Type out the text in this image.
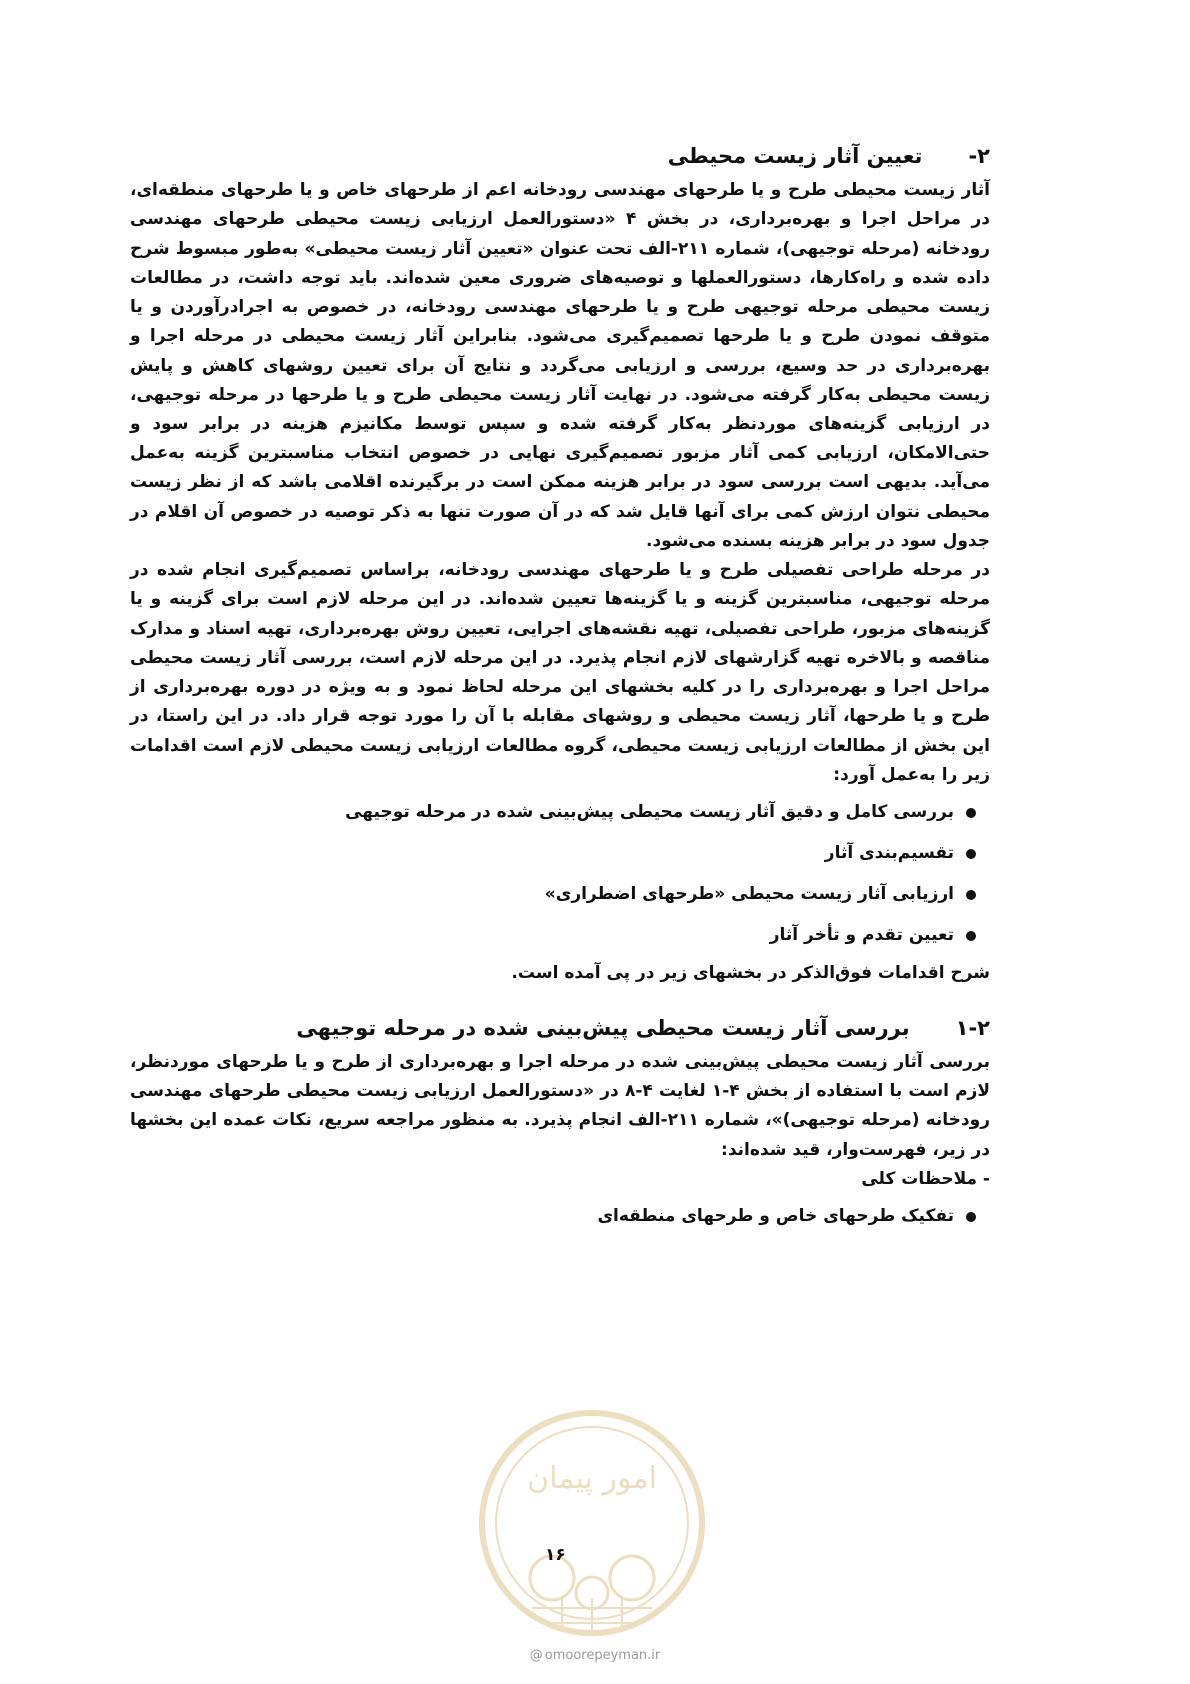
۲-
تعیین آثار زیست محیطی

آثار زیست محیطی طرح و یا طرحهای مهندسی رودخانه اعم از طرحهای خاص و یا طرحهای منطقه‌ای، در مراحل اجرا و بهره‌برداری، در بخش ۴ «دستورالعمل ارزیابی زیست محیطی طرحهای مهندسی رودخانه (مرحله توجیهی)، شماره ۲۱۱-الف تحت عنوان «تعیین آثار زیست محیطی» به‌طور مبسوط شرح داده شده و راه‌کارها، دستورالعملها و توصیه‌های ضروری معین شده‌اند. باید توجه داشت، در مطالعات زیست محیطی مرحله توجیهی طرح و یا طرحهای مهندسی رودخانه، در خصوص به اجرادرآوردن و یا متوقف نمودن طرح و یا طرحها تصمیم‌گیری می‌شود. بنابراین آثار زیست محیطی در مرحله اجرا و بهره‌برداری در حد وسیع، بررسی و ارزیابی می‌گردد و نتایج آن برای تعیین روشهای کاهش و پایش زیست محیطی به‌کار گرفته می‌شود. در نهایت آثار زیست محیطی طرح و یا طرحها در مرحله توجیهی، در ارزیابی گزینه‌های موردنظر به‌کار گرفته شده و سپس توسط مکانیزم هزینه در برابر سود و حتی‌الامکان، ارزیابی کمی آثار مزبور تصمیم‌گیری نهایی در خصوص انتخاب مناسبترین گزینه به‌عمل می‌آید. بدیهی است بررسی سود در برابر هزینه ممکن است در برگیرنده اقلامی باشد که از نظر زیست محیطی نتوان ارزش کمی برای آنها قایل شد که در آن صورت تنها به ذکر توصیه در خصوص آن اقلام در جدول سود در برابر هزینه بسنده می‌شود.

در مرحله طراحی تفصیلی طرح و یا طرحهای مهندسی رودخانه، براساس تصمیم‌گیری انجام شده در مرحله توجیهی، مناسبترین گزینه و یا گزینه‌ها تعیین شده‌اند. در این مرحله لازم است برای گزینه و یا گزینه‌های مزبور، طراحی تفصیلی، تهیه نقشه‌های اجرایی، تعیین روش بهره‌برداری، تهیه اسناد و مدارک مناقصه و بالاخره تهیه گزارشهای لازم انجام پذیرد. در این مرحله لازم است، بررسی آثار زیست محیطی مراحل اجرا و بهره‌برداری را در کلیه بخشهای این مرحله لحاظ نمود و به ویژه در دوره بهره‌برداری از طرح و یا طرحها، آثار زیست محیطی و روشهای مقابله با آن را مورد توجه قرار داد. در این راستا، در این بخش از مطالعات ارزیابی زیست محیطی، گروه مطالعات ارزیابی زیست محیطی لازم است اقدامات زیر را به‌عمل آورد:

بررسی کامل و دقیق آثار زیست محیطی پیش‌بینی شده در مرحله توجیهی
تقسیم‌بندی آثار
ارزیابی آثار زیست محیطی «طرحهای اضطراری»
تعیین تقدم و تأخر آثار

شرح اقدامات فوق‌الذکر در بخشهای زیر در پی آمده است.

۱-۲
بررسی آثار زیست محیطی پیش‌بینی شده در مرحله توجیهی

بررسی آثار زیست محیطی پیش‌بینی شده در مرحله اجرا و بهره‌برداری از طرح و یا طرحهای موردنظر، لازم است با استفاده از بخش ۴-۱ لغایت ۴-۸ در «دستورالعمل ارزیابی زیست محیطی طرحهای مهندسی رودخانه (مرحله توجیهی)»، شماره ۲۱۱-الف انجام پذیرد. به منظور مراجعه سریع، نکات عمده این بخشها در زیر، فهرست‌وار، قید شده‌اند:

- ملاحظات کلی

تفکیک طرحهای خاص و طرحهای منطقه‌ای
امور پیمان
۱۶
@ omoorepeyman.ir
